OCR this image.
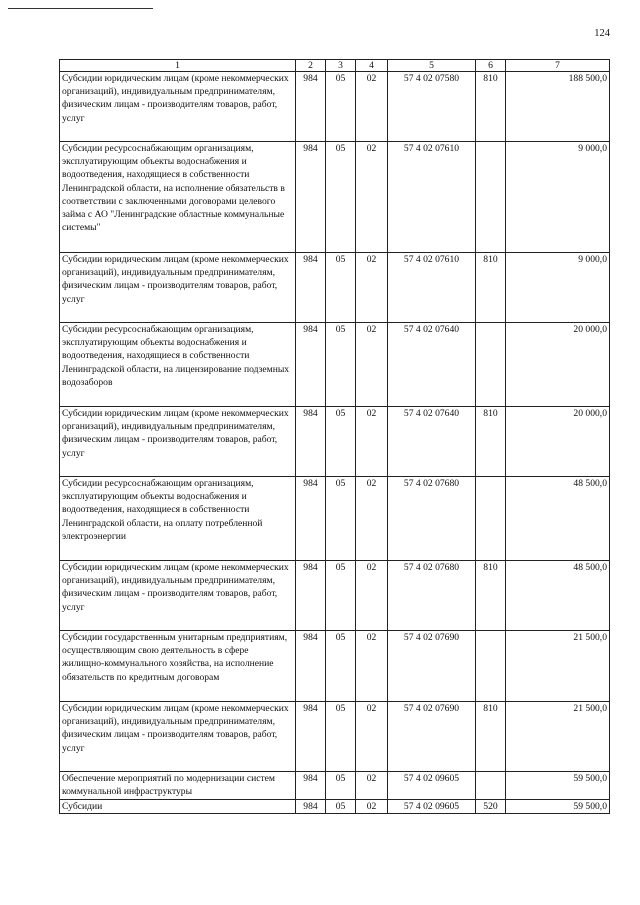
124
1	2	3	4	5	6	7
Субсидии юридическим лицам (кроме некоммерческих организаций), индивидуальным предпринимателям, физическим лицам - производителям товаров, работ, услуг	984	05	02	57 4 02 07580	810	188 500,0
Субсидии ресурсоснабжающим организациям, эксплуатирующим объекты водоснабжения и водоотведения, находящиеся в собственности Ленинградской области, на исполнение обязательств в соответствии с заключенными договорами целевого займа с АО "Ленинградские областные коммунальные системы"	984	05	02	57 4 02 07610		9 000,0
Субсидии юридическим лицам (кроме некоммерческих организаций), индивидуальным предпринимателям, физическим лицам - производителям товаров, работ, услуг	984	05	02	57 4 02 07610	810	9 000,0
Субсидии ресурсоснабжающим организациям, эксплуатирующим объекты водоснабжения и водоотведения, находящиеся в собственности Ленинградской области, на лицензирование подземных водозаборов	984	05	02	57 4 02 07640		20 000,0
Субсидии юридическим лицам (кроме некоммерческих организаций), индивидуальным предпринимателям, физическим лицам - производителям товаров, работ, услуг	984	05	02	57 4 02 07640	810	20 000,0
Субсидии ресурсоснабжающим организациям, эксплуатирующим объекты водоснабжения и водоотведения, находящиеся в собственности Ленинградской области, на оплату потребленной электроэнергии	984	05	02	57 4 02 07680		48 500,0
Субсидии юридическим лицам (кроме некоммерческих организаций), индивидуальным предпринимателям, физическим лицам - производителям товаров, работ, услуг	984	05	02	57 4 02 07680	810	48 500,0
Субсидии государственным унитарным предприятиям, осуществляющим свою деятельность в сфере жилищно-коммунального хозяйства, на исполнение обязательств по кредитным договорам	984	05	02	57 4 02 07690		21 500,0
Субсидии юридическим лицам (кроме некоммерческих организаций), индивидуальным предпринимателям, физическим лицам - производителям товаров, работ, услуг	984	05	02	57 4 02 07690	810	21 500,0
Обеспечение мероприятий по модернизации систем коммунальной инфраструктуры	984	05	02	57 4 02 09605		59 500,0
Субсидии	984	05	02	57 4 02 09605	520	59 500,0
